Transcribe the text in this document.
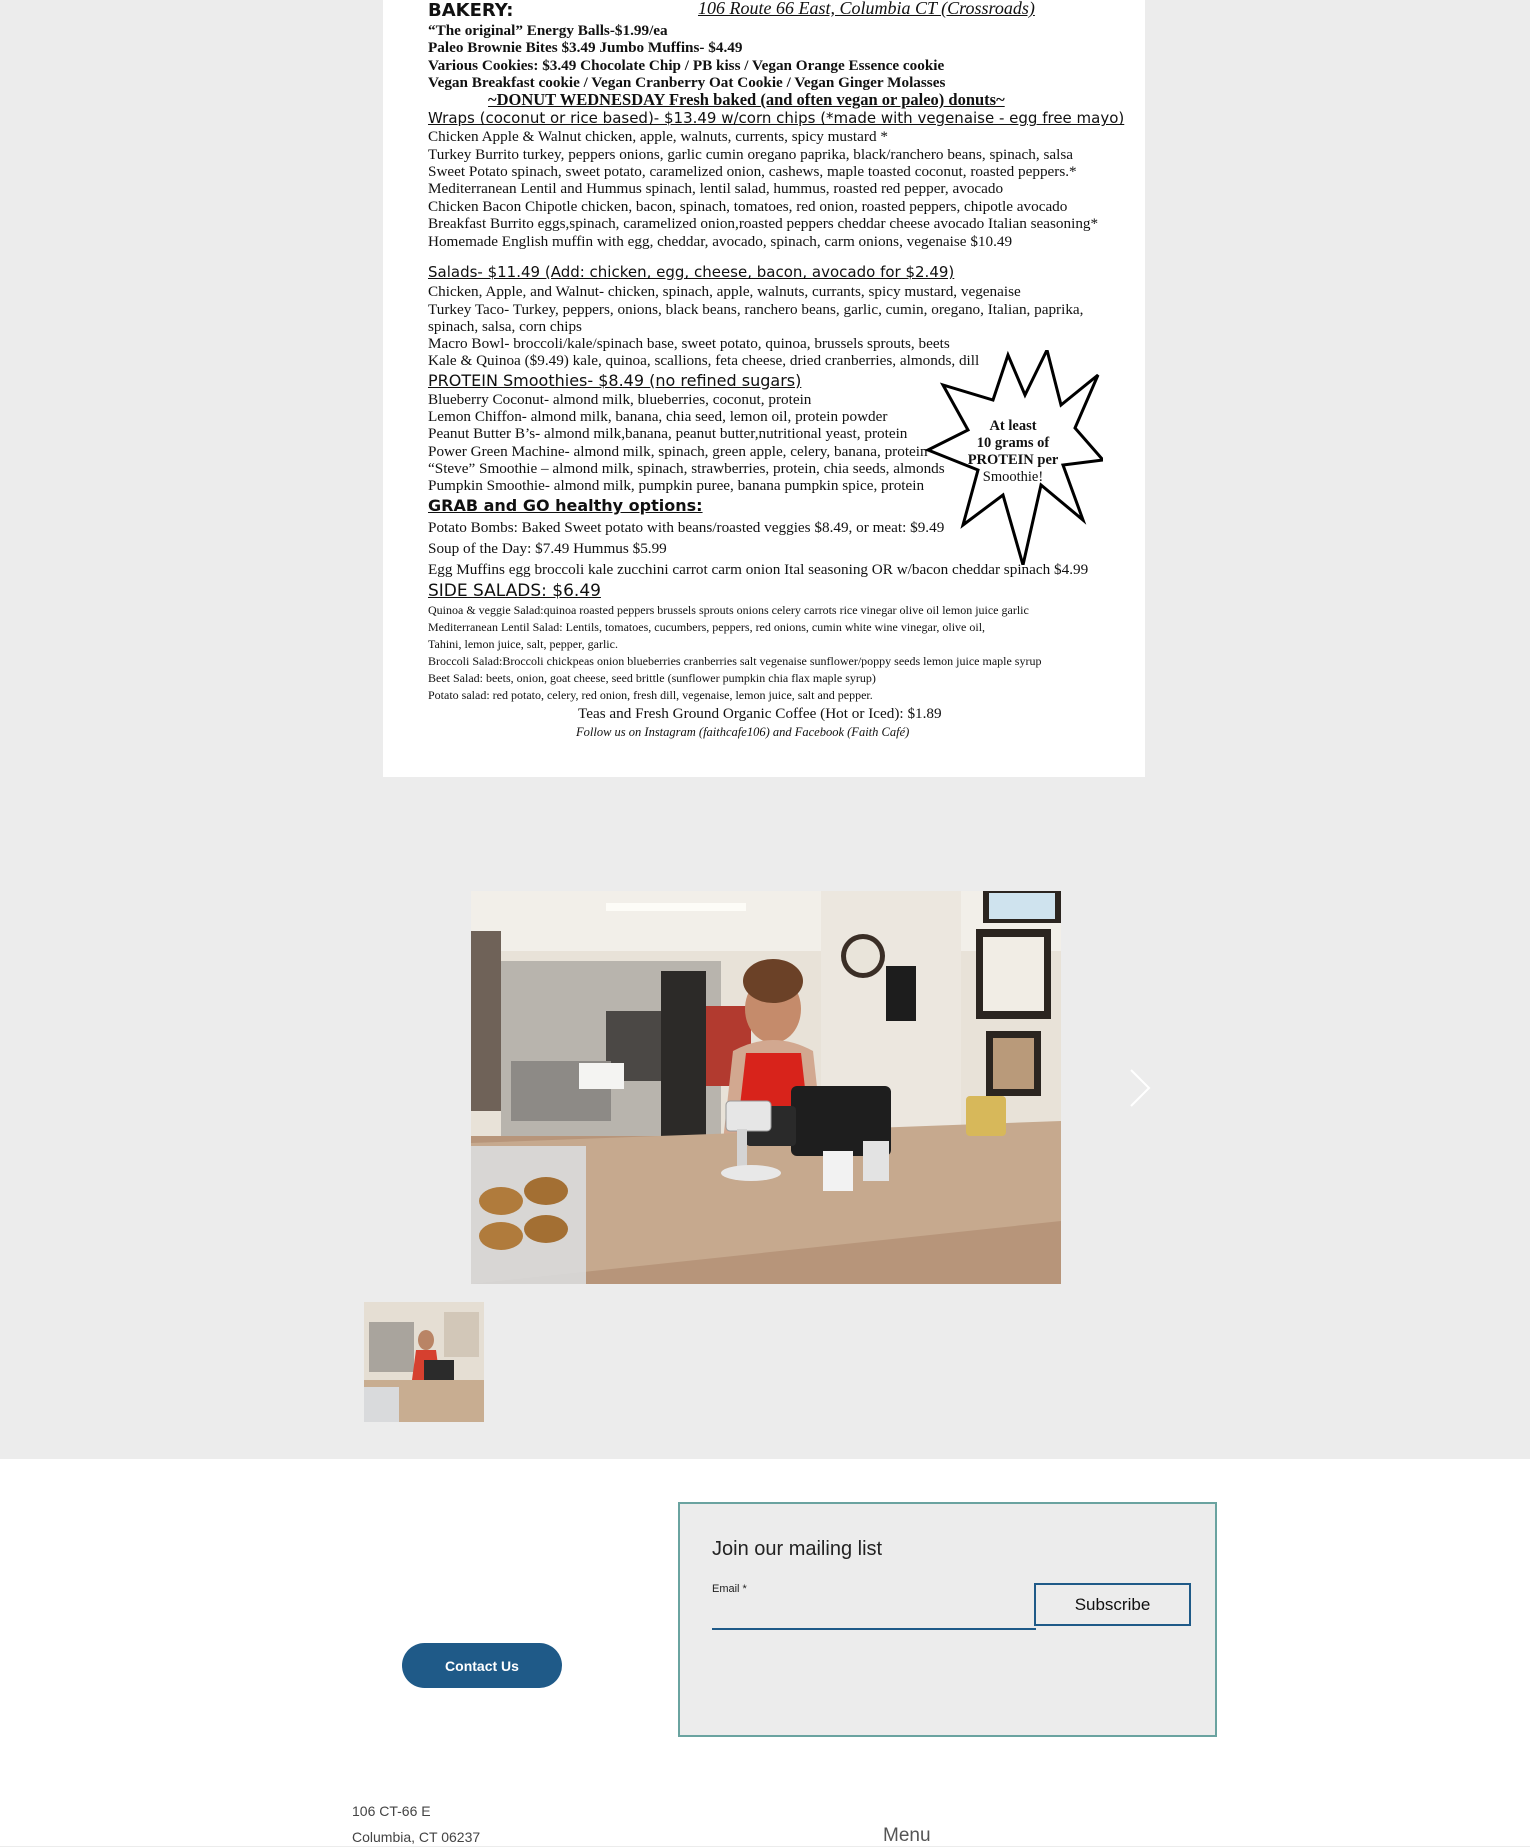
BAKERY:	106 Route 66 East, Columbia CT (Crossroads)
“The original” Energy Balls-$1.99/ea
Paleo Brownie Bites $3.49 Jumbo Muffins- $4.49
Various Cookies: $3.49 Chocolate Chip / PB kiss / Vegan Orange Essence cookie
Vegan Breakfast cookie / Vegan Cranberry Oat Cookie / Vegan Ginger Molasses
~DONUT WEDNESDAY Fresh baked (and often vegan or paleo) donuts~
Wraps (coconut or rice based)- $13.49 w/corn chips (*made with vegenaise - egg free mayo)
Chicken Apple & Walnut chicken, apple, walnuts, currents, spicy mustard *
Turkey Burrito turkey, peppers onions, garlic cumin oregano paprika, black/ranchero beans, spinach, salsa
Sweet Potato spinach, sweet potato, caramelized onion, cashews, maple toasted coconut, roasted peppers.*
Mediterranean Lentil and Hummus spinach, lentil salad, hummus, roasted red pepper, avocado
Chicken Bacon Chipotle chicken, bacon, spinach, tomatoes, red onion, roasted peppers, chipotle avocado
Breakfast Burrito eggs,spinach, caramelized onion,roasted peppers cheddar cheese avocado Italian seasoning*
Homemade English muffin with egg, cheddar, avocado, spinach, carm onions, vegenaise $10.49
Salads- $11.49 (Add: chicken, egg, cheese, bacon, avocado for $2.49)
Chicken, Apple, and Walnut- chicken, spinach, apple, walnuts, currants, spicy mustard, vegenaise
Turkey Taco- Turkey, peppers, onions, black beans, ranchero beans, garlic, cumin, oregano, Italian, paprika,
spinach, salsa, corn chips
Macro Bowl- broccoli/kale/spinach base, sweet potato, quinoa, brussels sprouts, beets
Kale & Quinoa ($9.49) kale, quinoa, scallions, feta cheese, dried cranberries, almonds, dill
PROTEIN Smoothies- $8.49 (no refined sugars)
Blueberry Coconut- almond milk, blueberries, coconut, protein
Lemon Chiffon- almond milk, banana, chia seed, lemon oil, protein powder
Peanut Butter B’s- almond milk,banana, peanut butter,nutritional yeast, protein
Power Green Machine- almond milk, spinach, green apple, celery, banana, protein
“Steve” Smoothie – almond milk, spinach, strawberries, protein, chia seeds, almonds
Pumpkin Smoothie- almond milk, pumpkin puree, banana pumpkin spice, protein
GRAB and GO healthy options:
Potato Bombs: Baked Sweet potato with beans/roasted veggies $8.49, or meat: $9.49
Soup of the Day: $7.49 Hummus $5.99
Egg Muffins egg broccoli kale zucchini carrot carm onion Ital seasoning OR w/bacon cheddar spinach $4.99
SIDE SALADS: $6.49
Quinoa & veggie Salad:quinoa roasted peppers brussels sprouts onions celery carrots rice vinegar olive oil lemon juice garlic
Mediterranean Lentil Salad: Lentils, tomatoes, cucumbers, peppers, red onions, cumin white wine vinegar, olive oil,
Tahini, lemon juice, salt, pepper, garlic.
Broccoli Salad:Broccoli chickpeas onion blueberries cranberries salt vegenaise sunflower/poppy seeds lemon juice maple syrup
Beet Salad: beets, onion, goat cheese, seed brittle (sunflower pumpkin chia flax maple syrup)
Potato salad: red potato, celery, red onion, fresh dill, vegenaise, lemon juice, salt and pepper.
Teas and Fresh Ground Organic Coffee (Hot or Iced): $1.89
Follow us on Instagram (faithcafe106) and Facebook (Faith Café)
At least
10 grams of
PROTEIN per
Smoothie!
Contact Us
Join our mailing list
Email *
Subscribe
106 CT-66 E
Columbia, CT 06237	Menu
